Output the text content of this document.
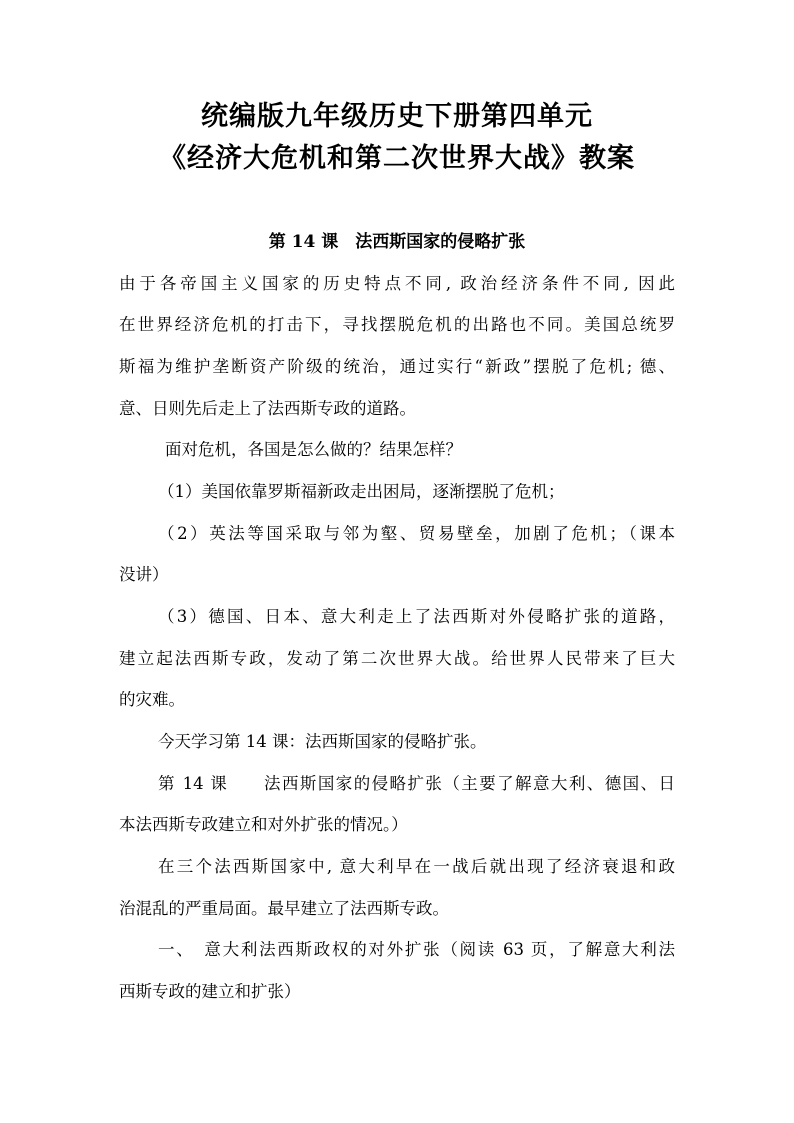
统编版九年级历史下册第四单元
《经济大危机和第二次世界大战》教案
第 14 课　法西斯国家的侵略扩张
由于各帝国主义国家的历史特点不同, 政治经济条件不同, 因此
在世界经济危机的打击下，寻找摆脱危机的出路也不同。美国总统罗
斯福为维护垄断资产阶级的统治，通过实行“新政”摆脱了危机; 德、
意、日则先后走上了法西斯专政的道路。
面对危机，各国是怎么做的？结果怎样？
（1）美国依靠罗斯福新政走出困局，逐渐摆脱了危机；
（2）英法等国采取与邻为壑、贸易壁垒，加剧了危机；（课本
没讲）
（3）德国、日本、意大利走上了法西斯对外侵略扩张的道路，
建立起法西斯专政，发动了第二次世界大战。给世界人民带来了巨大
的灾难。
今天学习第 14 课：法西斯国家的侵略扩张。
第 14 课　　法西斯国家的侵略扩张（主要了解意大利、德国、日
本法西斯专政建立和对外扩张的情况。）
在三个法西斯国家中, 意大利早在一战后就出现了经济衰退和政
治混乱的严重局面。最早建立了法西斯专政。
一、　意大利法西斯政权的对外扩张（阅读 63 页，了解意大利法
西斯专政的建立和扩张）
